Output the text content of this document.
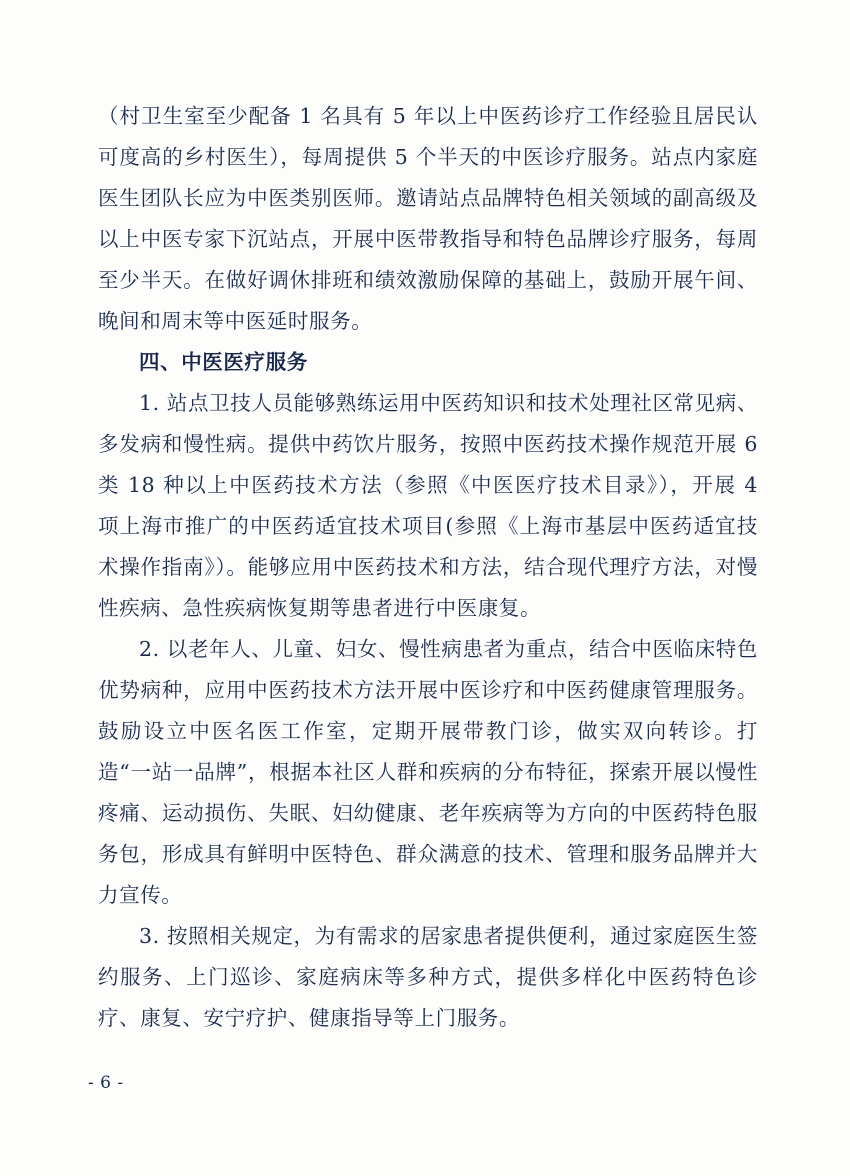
（村卫生室至少配备 1 名具有 5 年以上中医药诊疗工作经验且居民认可度高的乡村医生），每周提供 5 个半天的中医诊疗服务。站点内家庭医生团队长应为中医类别医师。邀请站点品牌特色相关领域的副高级及以上中医专家下沉站点，开展中医带教指导和特色品牌诊疗服务，每周至少半天。在做好调休排班和绩效激励保障的基础上，鼓励开展午间、晚间和周末等中医延时服务。

四、中医医疗服务

1. 站点卫技人员能够熟练运用中医药知识和技术处理社区常见病、多发病和慢性病。提供中药饮片服务，按照中医药技术操作规范开展 6 类 18 种以上中医药技术方法（参照《中医医疗技术目录》），开展 4 项上海市推广的中医药适宜技术项目(参照《上海市基层中医药适宜技术操作指南》）。能够应用中医药技术和方法，结合现代理疗方法，对慢性疾病、急性疾病恢复期等患者进行中医康复。

2. 以老年人、儿童、妇女、慢性病患者为重点，结合中医临床特色优势病种，应用中医药技术方法开展中医诊疗和中医药健康管理服务。鼓励设立中医名医工作室，定期开展带教门诊，做实双向转诊。打造“一站一品牌”，根据本社区人群和疾病的分布特征，探索开展以慢性疼痛、运动损伤、失眠、妇幼健康、老年疾病等为方向的中医药特色服务包，形成具有鲜明中医特色、群众满意的技术、管理和服务品牌并大力宣传。

3. 按照相关规定，为有需求的居家患者提供便利，通过家庭医生签约服务、上门巡诊、家庭病床等多种方式，提供多样化中医药特色诊疗、康复、安宁疗护、健康指导等上门服务。

- 6 -
